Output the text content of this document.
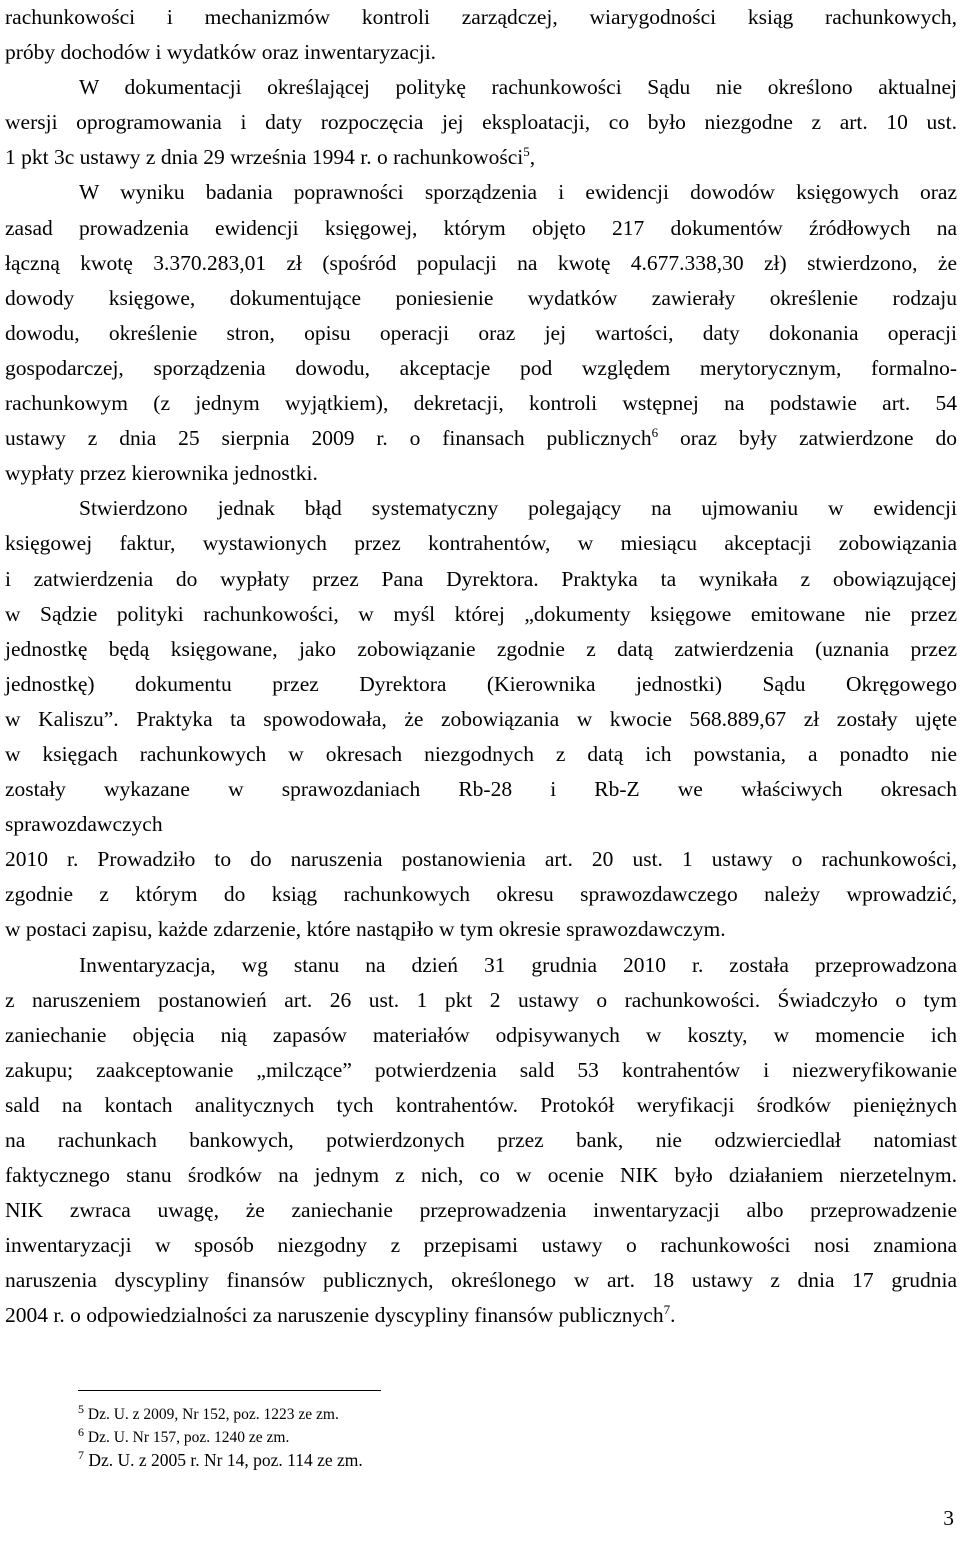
rachunkowości i mechanizmów kontroli zarządczej, wiarygodności ksiąg rachunkowych,
próby dochodów i wydatków oraz inwentaryzacji.
W dokumentacji określającej politykę rachunkowości Sądu nie określono aktualnej
wersji oprogramowania i daty rozpoczęcia jej eksploatacji, co było niezgodne z art. 10 ust.
1 pkt 3c ustawy z dnia 29 września 1994 r. o rachunkowości$^5$,
W wyniku badania poprawności sporządzenia i ewidencji dowodów księgowych oraz
zasad prowadzenia ewidencji księgowej, którym objęto 217 dokumentów źródłowych na
łączną kwotę 3.370.283,01 zł (spośród populacji na kwotę 4.677.338,30 zł) stwierdzono, że
dowody księgowe, dokumentujące poniesienie wydatków zawierały określenie rodzaju
dowodu, określenie stron, opisu operacji oraz jej wartości, daty dokonania operacji
gospodarczej, sporządzenia dowodu, akceptacje pod względem merytorycznym, formalno-
rachunkowym (z jednym wyjątkiem), dekretacji, kontroli wstępnej na podstawie art. 54
ustawy z dnia 25 sierpnia 2009 r. o finansach publicznych$^6$ oraz były zatwierdzone do
wypłaty przez kierownika jednostki.
Stwierdzono jednak błąd systematyczny polegający na ujmowaniu w ewidencji
księgowej faktur, wystawionych przez kontrahentów, w miesiącu akceptacji zobowiązania
i zatwierdzenia do wypłaty przez Pana Dyrektora. Praktyka ta wynikała z obowiązującej
w Sądzie polityki rachunkowości, w myśl której „dokumenty księgowe emitowane nie przez
jednostkę będą księgowane, jako zobowiązanie zgodnie z datą zatwierdzenia (uznania przez
jednostkę) dokumentu przez Dyrektora (Kierownika jednostki) Sądu Okręgowego
w Kaliszu”. Praktyka ta spowodowała, że zobowiązania w kwocie 568.889,67 zł zostały ujęte
w księgach rachunkowych w okresach niezgodnych z datą ich powstania, a ponadto nie
zostały wykazane w sprawozdaniach Rb-28 i Rb-Z we właściwych okresach
sprawozdawczych
2010 r. Prowadziło to do naruszenia postanowienia art. 20 ust. 1 ustawy o rachunkowości,
zgodnie z którym do ksiąg rachunkowych okresu sprawozdawczego należy wprowadzić,
w postaci zapisu, każde zdarzenie, które nastąpiło w tym okresie sprawozdawczym.
Inwentaryzacja, wg stanu na dzień 31 grudnia 2010 r. została przeprowadzona
z naruszeniem postanowień art. 26 ust. 1 pkt 2 ustawy o rachunkowości. Świadczyło o tym
zaniechanie objęcia nią zapasów materiałów odpisywanych w koszty, w momencie ich
zakupu; zaakceptowanie „milczące” potwierdzenia sald 53 kontrahentów i niezweryfikowanie
sald na kontach analitycznych tych kontrahentów. Protokół weryfikacji środków pieniężnych
na rachunkach bankowych, potwierdzonych przez bank, nie odzwierciedlał natomiast
faktycznego stanu środków na jednym z nich, co w ocenie NIK było działaniem nierzetelnym.
NIK zwraca uwagę, że zaniechanie przeprowadzenia inwentaryzacji albo przeprowadzenie
inwentaryzacji w sposób niezgodny z przepisami ustawy o rachunkowości nosi znamiona
naruszenia dyscypliny finansów publicznych, określonego w art. 18 ustawy z dnia 17 grudnia
2004 r. o odpowiedzialności za naruszenie dyscypliny finansów publicznych$^7$.
$^5$ Dz. U. z 2009, Nr 152, poz. 1223 ze zm.
$^6$ Dz. U. Nr 157, poz. 1240 ze zm.
$^7$ Dz. U. z 2005 r. Nr 14, poz. 114 ze zm.
3
